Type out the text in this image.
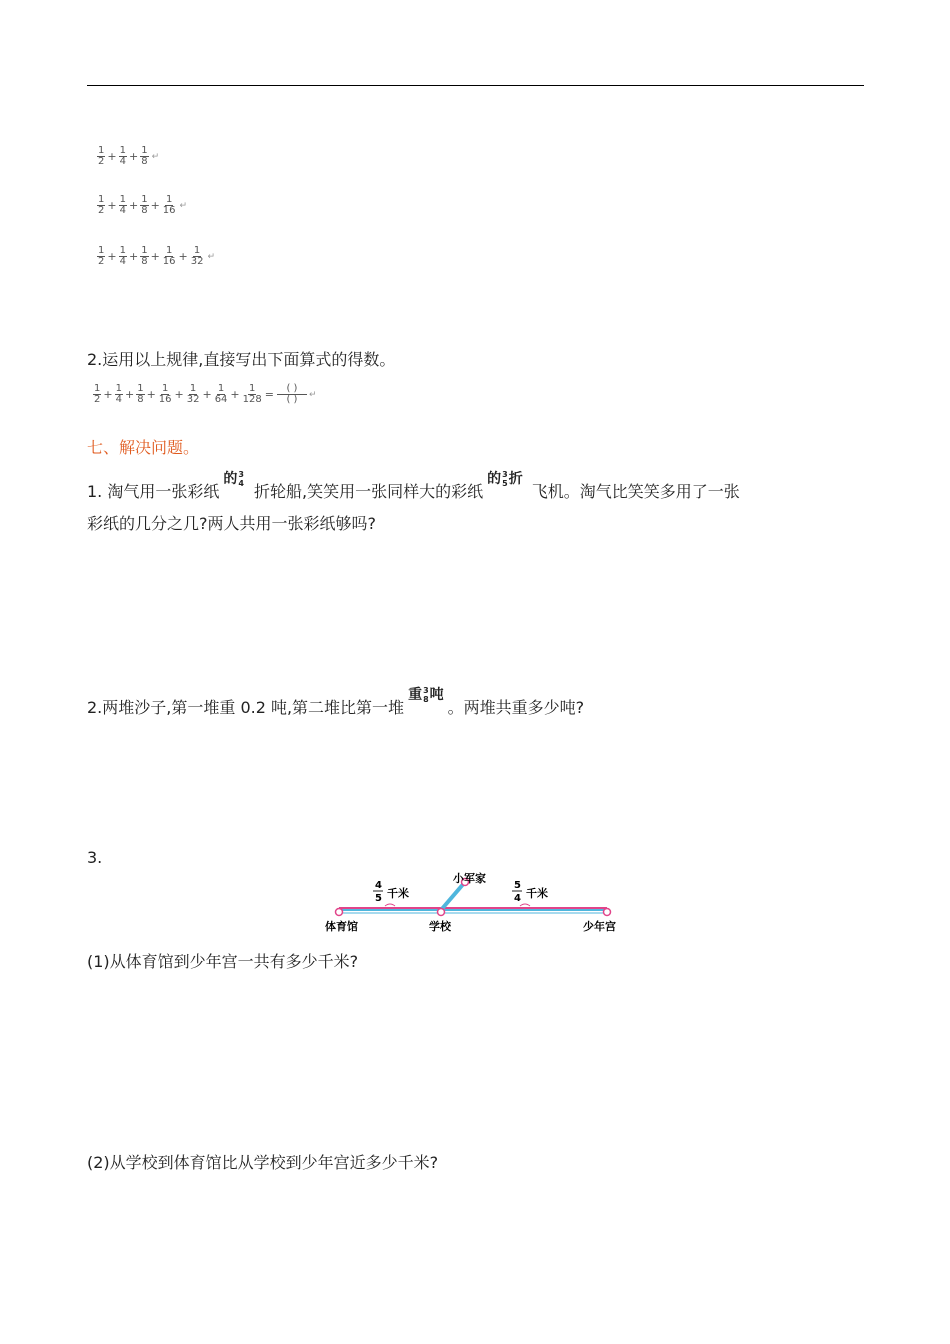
$\frac{1}{2} + \frac{1}{4} + \frac{1}{8}$ ↵
$\frac{1}{2} + \frac{1}{4} + \frac{1}{8} + \frac{1}{16}$ ↵
$\frac{1}{2} + \frac{1}{4} + \frac{1}{8} + \frac{1}{16} + \frac{1}{32}$ ↵
2.运用以上规律,直接写出下面算式的得数。
$\frac{1}{2} + \frac{1}{4} + \frac{1}{8} + \frac{1}{16} + \frac{1}{32} + \frac{1}{64} + \frac{1}{128}$ =	( )
( ) ↵
七、解决问题。
1. 淘气用一张彩纸
的 3
4 折轮船,笑笑用一张同样大的彩纸
的 3
5 折
飞机。淘气比笑笑多用了一张
彩纸的几分之几?两人共用一张彩纸够吗?
2.两堆沙子,第一堆重 0.2 吨,第二堆比第一堆
重 3
8 吨
。两堆共重多少吨?
3.
小军家
体育馆	学校	少年宫
4
5 千米
5
4 千米
(1)从体育馆到少年宫一共有多少千米?
(2)从学校到体育馆比从学校到少年宫近多少千米?
